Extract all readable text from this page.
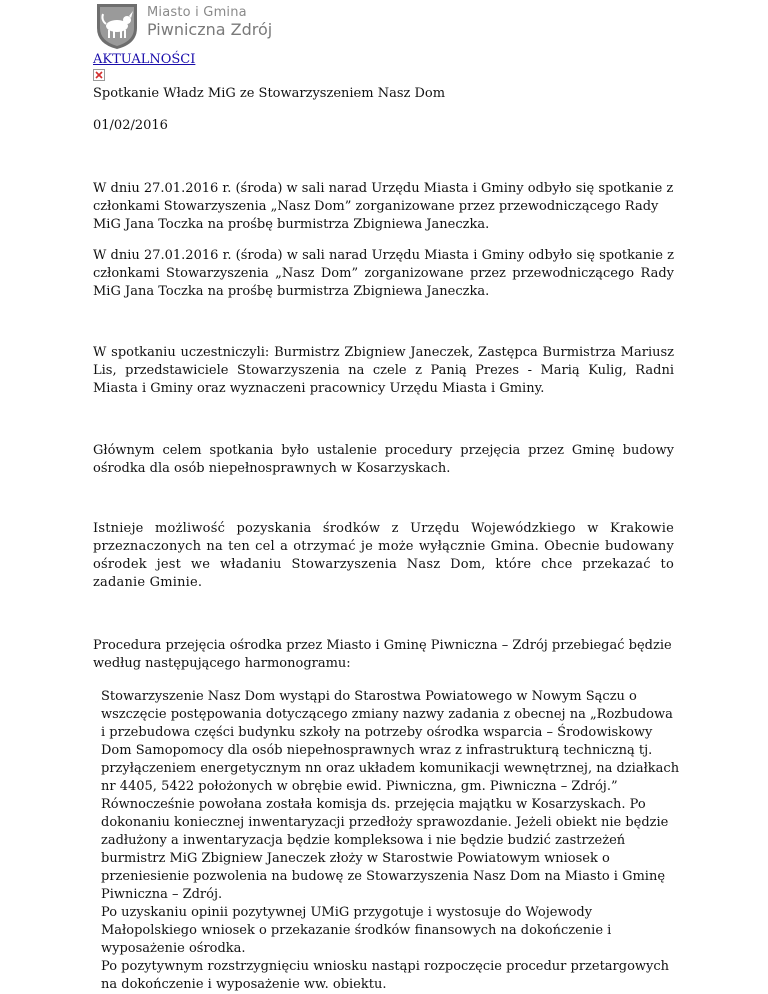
Miasto i Gmina
Piwniczna Zdrój
AKTUALNOŚCI
Spotkanie Władz MiG ze Stowarzyszeniem Nasz Dom
01/02/2016

W dniu 27.01.2016 r. (środa) w sali narad Urzędu Miasta i Gminy odbyło się spotkanie z członkami Stowarzyszenia „Nasz Dom” zorganizowane przez przewodniczącego Rady MiG Jana Toczka na prośbę burmistrza Zbigniewa Janeczka.

W dniu 27.01.2016 r. (środa) w sali narad Urzędu Miasta i Gminy odbyło się spotkanie z członkami Stowarzyszenia „Nasz Dom” zorganizowane przez przewodniczącego Rady MiG Jana Toczka na prośbę burmistrza Zbigniewa Janeczka.

W spotkaniu uczestniczyli: Burmistrz Zbigniew Janeczek, Zastępca Burmistrza Mariusz Lis, przedstawiciele Stowarzyszenia na czele z Panią Prezes - Marią Kulig, Radni Miasta i Gminy oraz wyznaczeni pracownicy Urzędu Miasta i Gminy.

Głównym celem spotkania było ustalenie procedury przejęcia przez Gminę budowy ośrodka dla osób niepełnosprawnych w Kosarzyskach.

Istnieje możliwość pozyskania środków z Urzędu Wojewódzkiego w Krakowie przeznaczonych na ten cel a otrzymać je może wyłącznie Gmina. Obecnie budowany ośrodek jest we władaniu Stowarzyszenia Nasz Dom, które chce przekazać to zadanie Gminie.

Procedura przejęcia ośrodka przez Miasto i Gminę Piwniczna – Zdrój przebiegać będzie według następującego harmonogramu:

Stowarzyszenie Nasz Dom wystąpi do Starostwa Powiatowego w Nowym Sączu o wszczęcie postępowania dotyczącego zmiany nazwy zadania z obecnej na „Rozbudowa i przebudowa części budynku szkoły na potrzeby ośrodka wsparcia – Środowiskowy Dom Samopomocy dla osób niepełnosprawnych wraz z infrastrukturą techniczną tj. przyłączeniem energetycznym nn oraz układem komunikacji wewnętrznej, na działkach nr 4405, 5422 położonych w obrębie ewid. Piwniczna, gm. Piwniczna – Zdrój.”
Równocześnie powołana została komisja ds. przejęcia majątku w Kosarzyskach. Po dokonaniu koniecznej inwentaryzacji przedłoży sprawozdanie. Jeżeli obiekt nie będzie zadłużony a inwentaryzacja będzie kompleksowa i nie będzie budzić zastrzeżeń burmistrz MiG Zbigniew Janeczek złoży w Starostwie Powiatowym wniosek o przeniesienie pozwolenia na budowę ze Stowarzyszenia Nasz Dom na Miasto i Gminę Piwniczna – Zdrój.
Po uzyskaniu opinii pozytywnej UMiG przygotuje i wystosuje do Wojewody Małopolskiego wniosek o przekazanie środków finansowych na dokończenie i wyposażenie ośrodka.
Po pozytywnym rozstrzygnięciu wniosku nastąpi rozpoczęcie procedur przetargowych na dokończenie i wyposażenie ww. obiektu.
